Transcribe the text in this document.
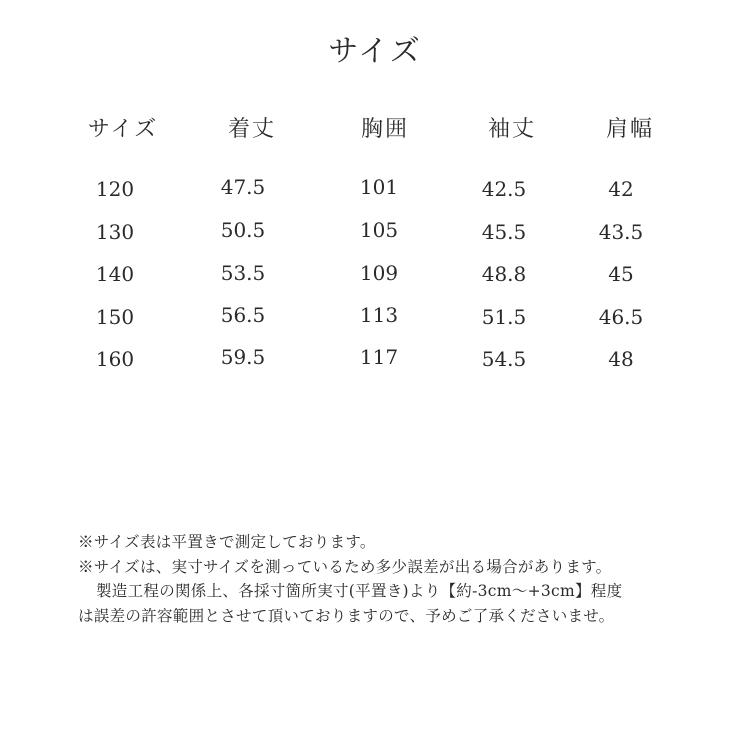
サイズ
サイズ	着丈	胸囲	袖丈	肩幅
120	47.5	101	42.5	42
130	50.5	105	45.5	43.5
140	53.5	109	48.8	45
150	56.5	113	51.5	46.5
160	59.5	117	54.5	48
※サイズ表は平置きで測定しております。
※サイズは、実寸サイズを測っているため多少誤差が出る場合があります。
製造工程の関係上、各採寸箇所実寸(平置き)より【約-3cm～+3cm】程度
は誤差の許容範囲とさせて頂いておりますので、予めご了承くださいませ。
